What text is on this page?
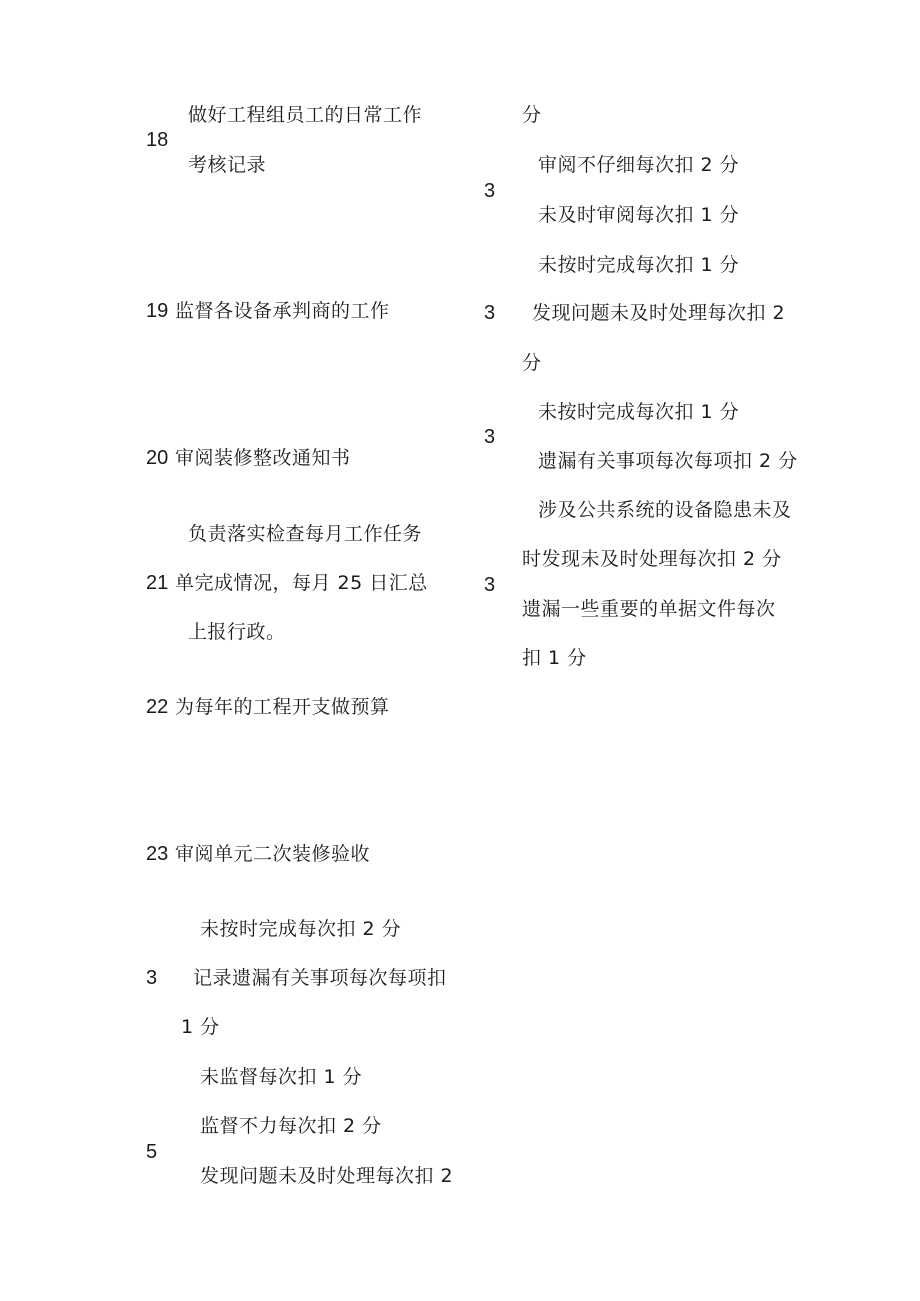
18
做好工程组员工的日常工作
考核记录
19 监督各设备承判商的工作
20 审阅装修整改通知书
负责落实检查每月工作任务
21 单完成情况，每月 25 日汇总
上报行政。
22 为每年的工程开支做预算
23 审阅单元二次装修验收
未按时完成每次扣 2 分
3 记录遗漏有关事项每次每项扣
1 分
未监督每次扣 1 分
监督不力每次扣 2 分
5
发现问题未及时处理每次扣 2
分
审阅不仔细每次扣 2 分
3
未及时审阅每次扣 1 分
未按时完成每次扣 1 分
3 发现问题未及时处理每次扣 2
分
未按时完成每次扣 1 分
3
遗漏有关事项每次每项扣 2 分
涉及公共系统的设备隐患未及
时发现未及时处理每次扣 2 分
3
遗漏一些重要的单据文件每次
扣 1 分
